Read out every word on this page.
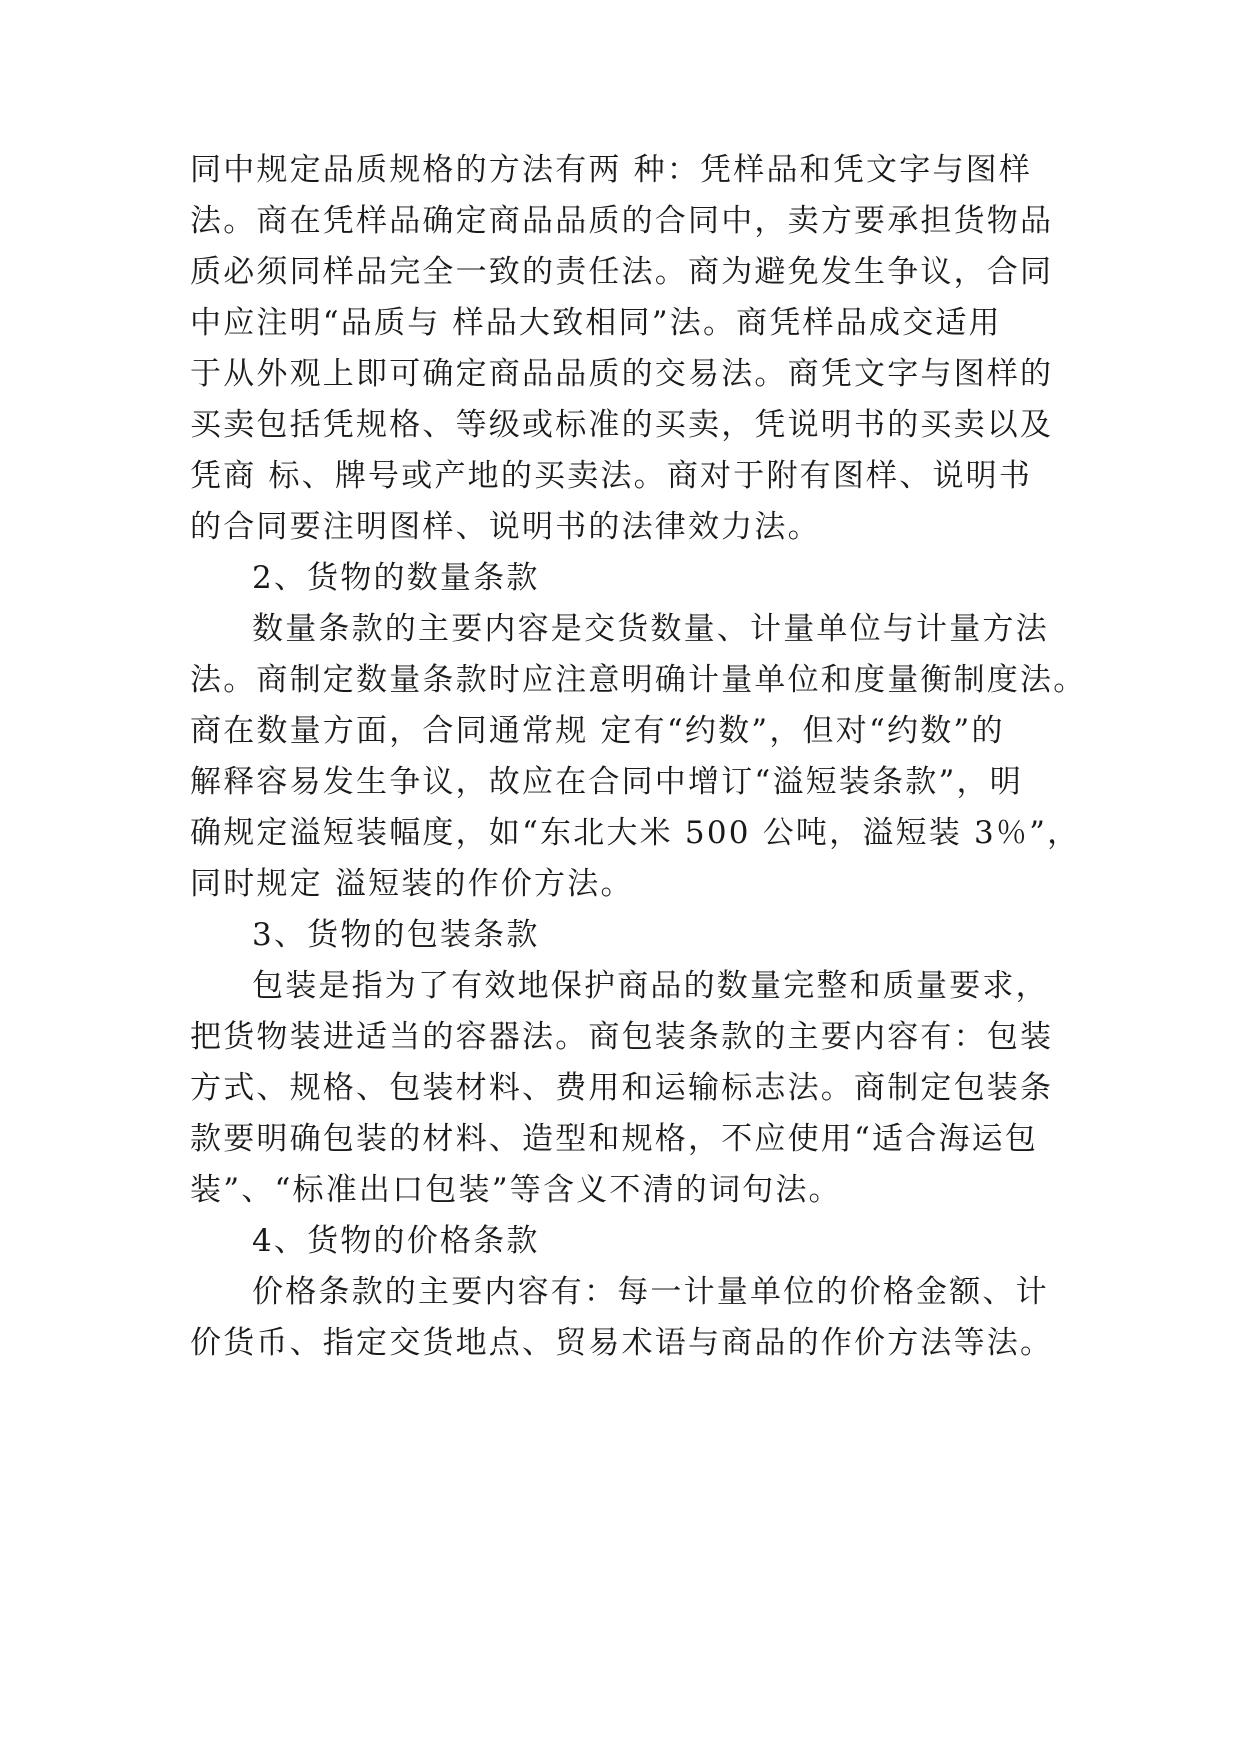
同中规定品质规格的方法有两 种：凭样品和凭文字与图样

法。商在凭样品确定商品品质的合同中，卖方要承担货物品

质必须同样品完全一致的责任法。商为避免发生争议，合同

中应注明“品质与 样品大致相同”法。商凭样品成交适用

于从外观上即可确定商品品质的交易法。商凭文字与图样的

买卖包括凭规格、等级或标准的买卖，凭说明书的买卖以及

凭商 标、牌号或产地的买卖法。商对于附有图样、说明书

的合同要注明图样、说明书的法律效力法。

2、货物的数量条款

数量条款的主要内容是交货数量、计量单位与计量方法

法。商制定数量条款时应注意明确计量单位和度量衡制度法。

商在数量方面，合同通常规 定有“约数”，但对“约数”的

解释容易发生争议，故应在合同中增订“溢短装条款”，明

确规定溢短装幅度，如“东北大米 500 公吨，溢短装 3％”，

同时规定 溢短装的作价方法。

3、货物的包装条款

包装是指为了有效地保护商品的数量完整和质量要求，

把货物装进适当的容器法。商包装条款的主要内容有：包装

方式、规格、包装材料、费用和运输标志法。商制定包装条

款要明确包装的材料、造型和规格，不应使用“适合海运包

装”、“标准出口包装”等含义不清的词句法。

4、货物的价格条款

价格条款的主要内容有：每一计量单位的价格金额、计

价货币、指定交货地点、贸易术语与商品的作价方法等法。
